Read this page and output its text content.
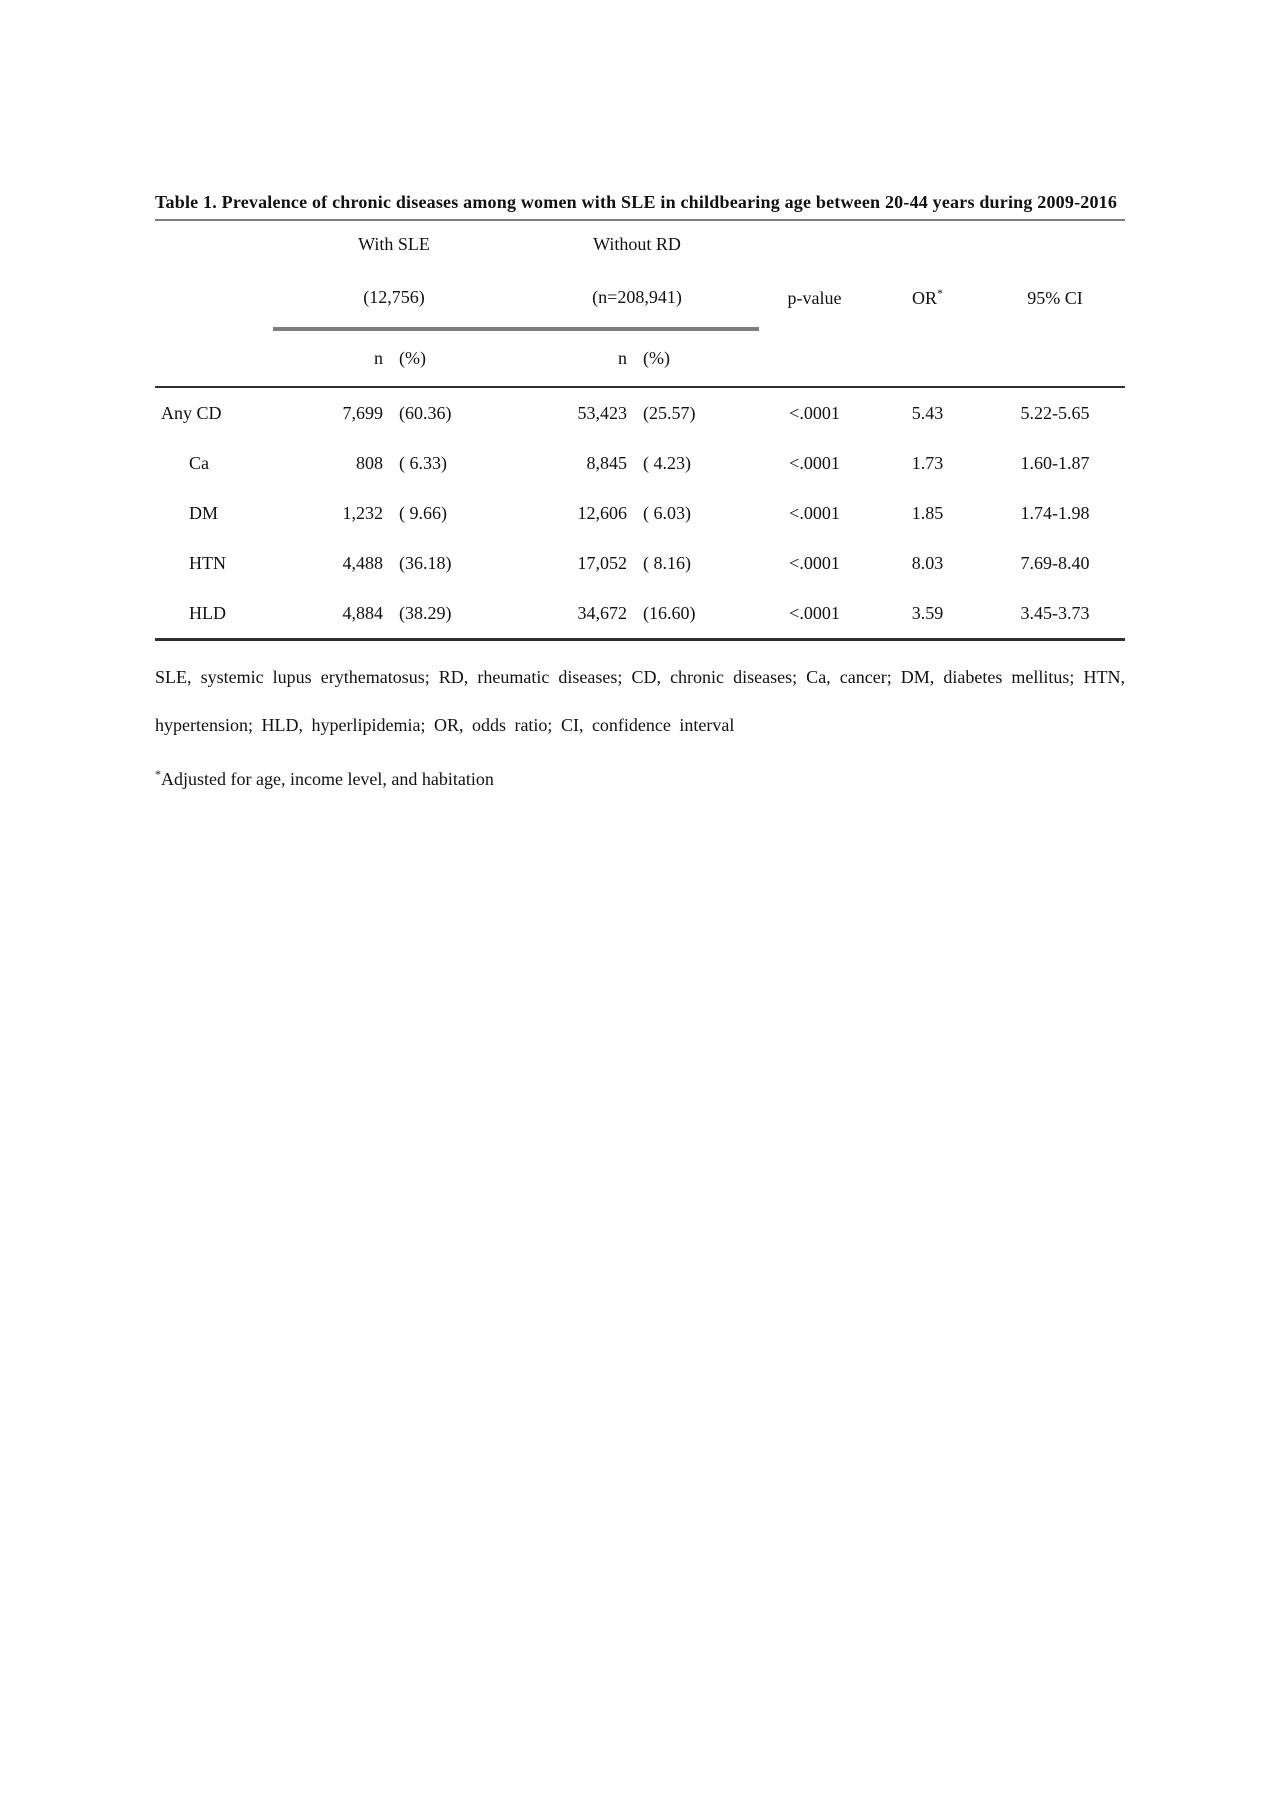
Table 1. Prevalence of chronic diseases among women with SLE in childbearing age between 20-44 years during 2009-2016

	With SLE		Without RD				
	(12,756)		(n=208,941)		p-value	OR*	95% CI
	n	(%)	n	(%)			
Any CD	7,699	(60.36)	53,423	(25.57)	<.0001	5.43	5.22-5.65
Ca	808	( 6.33)	8,845	( 4.23)	<.0001	1.73	1.60-1.87
DM	1,232	( 9.66)	12,606	( 6.03)	<.0001	1.85	1.74-1.98
HTN	4,488	(36.18)	17,052	( 8.16)	<.0001	8.03	7.69-8.40
HLD	4,884	(38.29)	34,672	(16.60)	<.0001	3.59	3.45-3.73

SLE, systemic lupus erythematosus; RD, rheumatic diseases; CD, chronic diseases; Ca, cancer; DM, diabetes mellitus; HTN, hypertension; HLD, hyperlipidemia; OR, odds ratio; CI, confidence interval

*Adjusted for age, income level, and habitation
